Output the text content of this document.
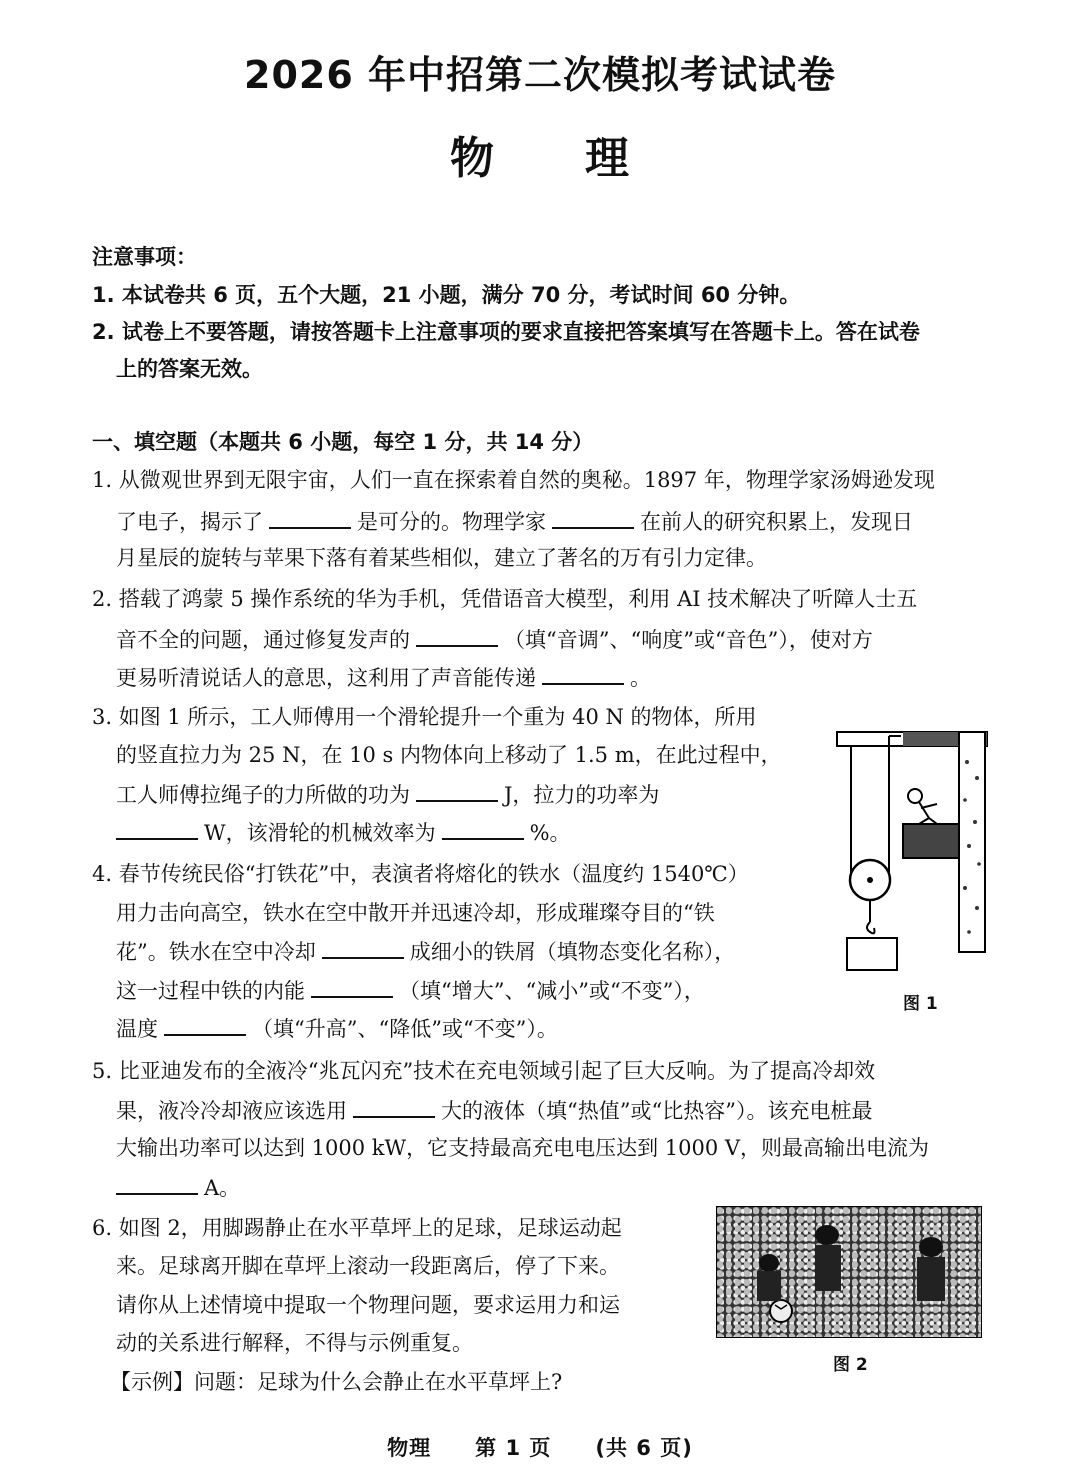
2026 年中招第二次模拟考试试卷
物　　理
注意事项：
1. 本试卷共 6 页，五个大题，21 小题，满分 70 分，考试时间 60 分钟。
2. 试卷上不要答题，请按答题卡上注意事项的要求直接把答案填写在答题卡上。答在试卷
上的答案无效。
一、填空题（本题共 6 小题，每空 1 分，共 14 分）
1. 从微观世界到无限宇宙，人们一直在探索着自然的奥秘。1897 年，物理学家汤姆逊发现
了电子，揭示了	是可分的。物理学家	在前人的研究积累上，发现日
月星辰的旋转与苹果下落有着某些相似，建立了著名的万有引力定律。
2. 搭载了鸿蒙 5 操作系统的华为手机，凭借语音大模型，利用 AI 技术解决了听障人士五
音不全的问题，通过修复发声的	（填“音调”、“响度”或“音色”），使对方
更易听清说话人的意思，这利用了声音能传递	。
3. 如图 1 所示，工人师傅用一个滑轮提升一个重为 40 N 的物体，所用
的竖直拉力为 25 N，在 10 s 内物体向上移动了 1.5 m，在此过程中，
工人师傅拉绳子的力所做的功为	J，拉力的功率为
W，该滑轮的机械效率为	%。
4. 春节传统民俗“打铁花”中，表演者将熔化的铁水（温度约 1540℃）
用力击向高空，铁水在空中散开并迅速冷却，形成璀璨夺目的“铁
花”。铁水在空中冷却	成细小的铁屑（填物态变化名称），
这一过程中铁的内能	（填“增大”、“减小”或“不变”），
温度	（填“升高”、“降低”或“不变”）。
5. 比亚迪发布的全液冷“兆瓦闪充”技术在充电领域引起了巨大反响。为了提高冷却效
果，液冷冷却液应该选用	大的液体（填“热值”或“比热容”）。该充电桩最
大输出功率可以达到 1000 kW，它支持最高充电电压达到 1000 V，则最高输出电流为
A。
6. 如图 2，用脚踢静止在水平草坪上的足球，足球运动起
来。足球离开脚在草坪上滚动一段距离后，停了下来。
请你从上述情境中提取一个物理问题，要求运用力和运
动的关系进行解释，不得与示例重复。
【示例】问题：足球为什么会静止在水平草坪上?
图 1
图 2
物理　　第 1 页　　(共 6 页)
